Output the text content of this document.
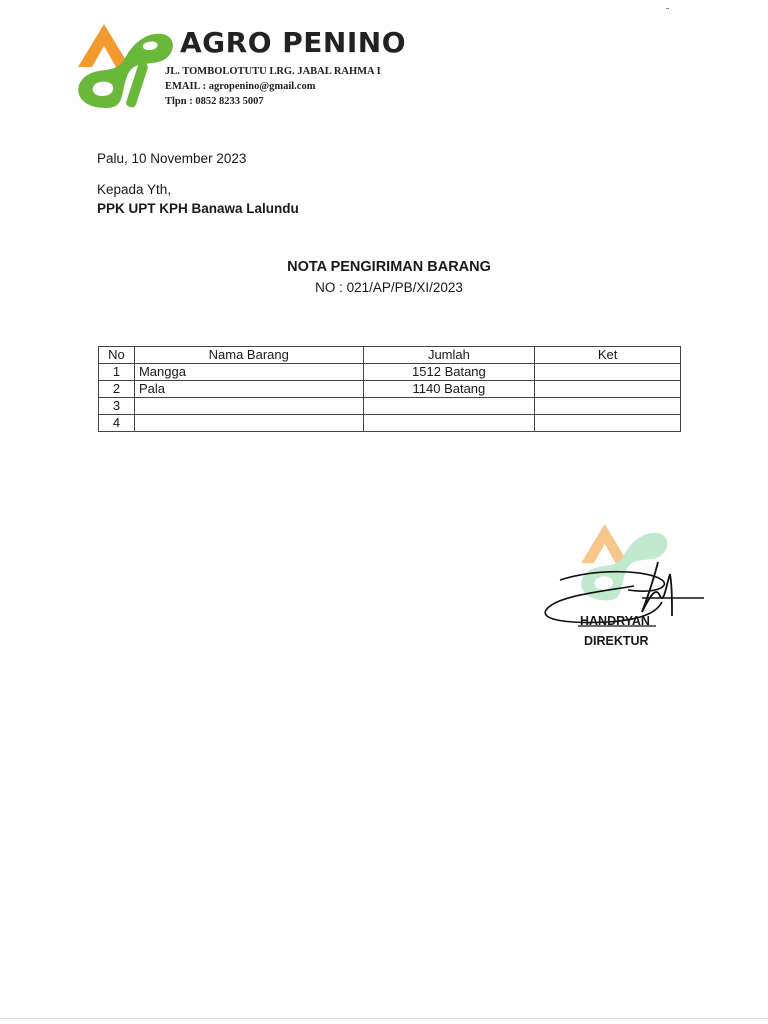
AGRO PENINO
JL. TOMBOLOTUTU LRG. JABAL RAHMA I
EMAIL : agropenino@gmail.com
Tlpn : 0852 8233 5007
Palu, 10 November 2023
Kepada Yth,
PPK UPT KPH Banawa Lalundu
NOTA PENGIRIMAN BARANG
NO : 021/AP/PB/XI/2023
No	Nama Barang	Jumlah	Ket
1	Mangga	1512 Batang	
2	Pala	1140 Batang	
3			
4			
HANDRYAN
DIREKTUR
